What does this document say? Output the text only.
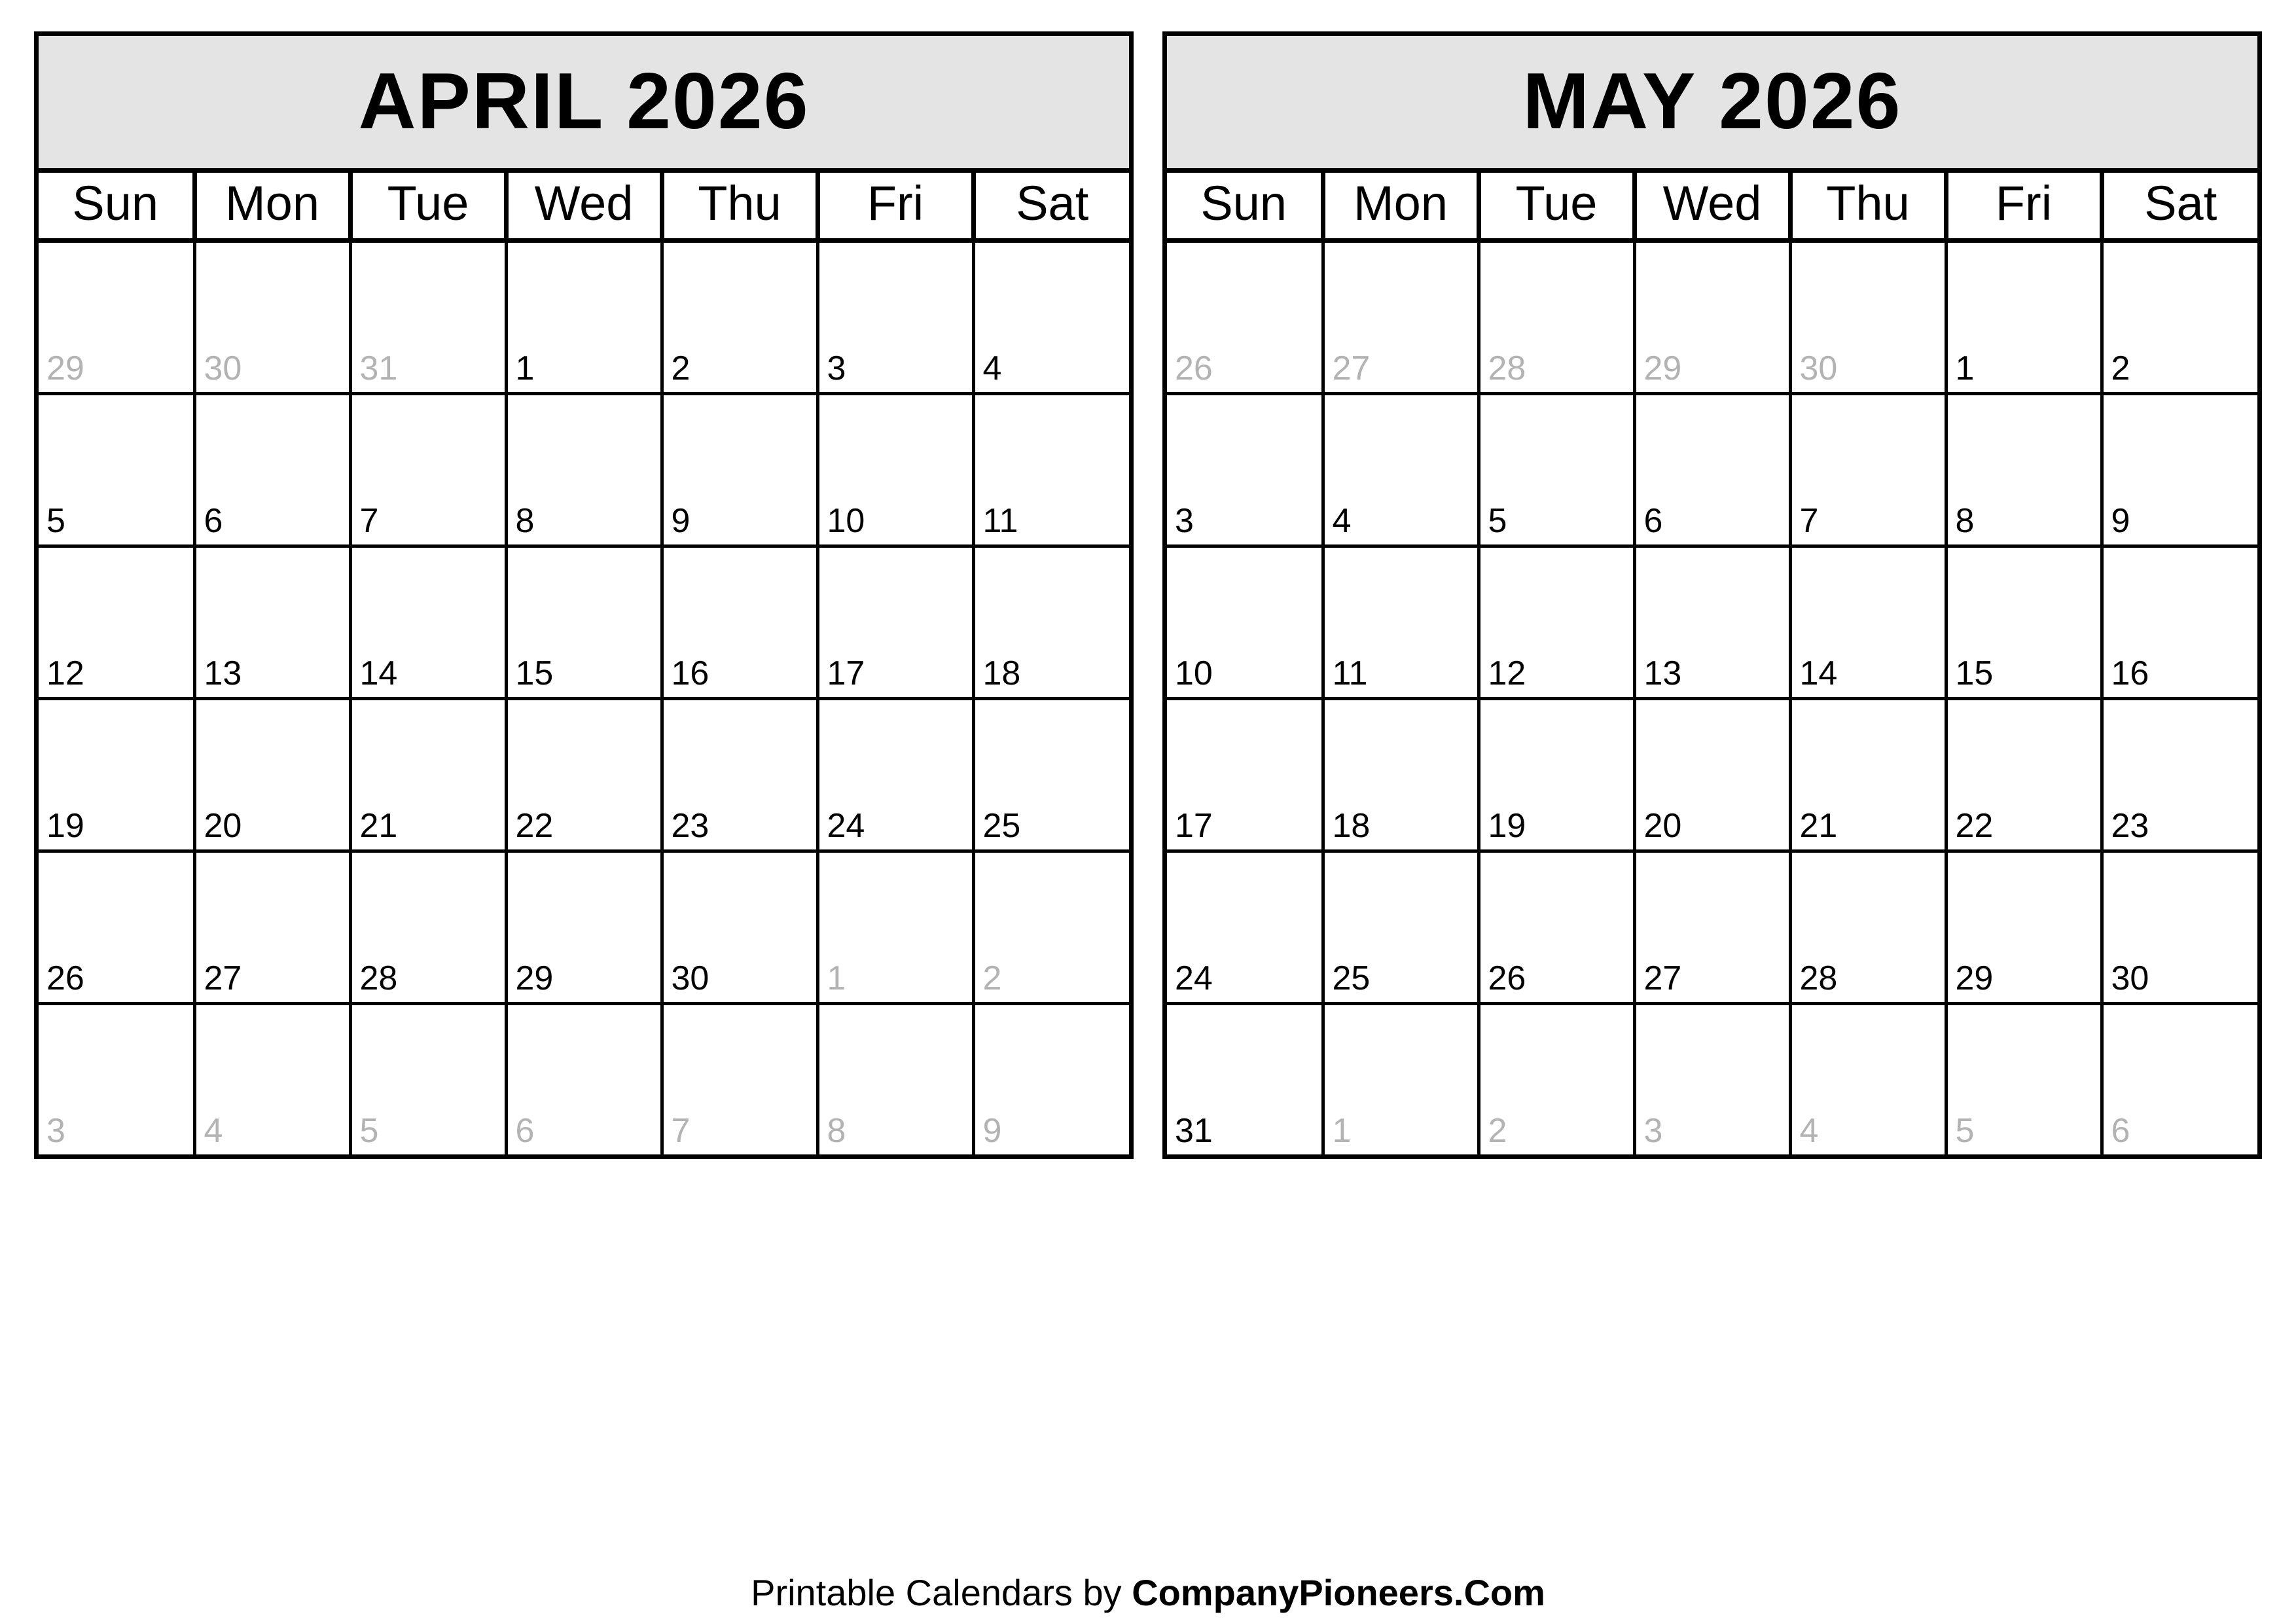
APRIL 2026
Sun	Mon	Tue	Wed	Thu	Fri	Sat

29	30	31	1	2	3	4

5	6	7	8	9	10	11

12	13	14	15	16	17	18

19	20	21	22	23	24	25

26	27	28	29	30	1	2

3	4	5	6	7	8	9
MAY 2026
Sun	Mon	Tue	Wed	Thu	Fri	Sat

26	27	28	29	30	1	2

3	4	5	6	7	8	9

10	11	12	13	14	15	16

17	18	19	20	21	22	23

24	25	26	27	28	29	30

31	1	2	3	4	5	6
Printable Calendars by CompanyPioneers.Com
